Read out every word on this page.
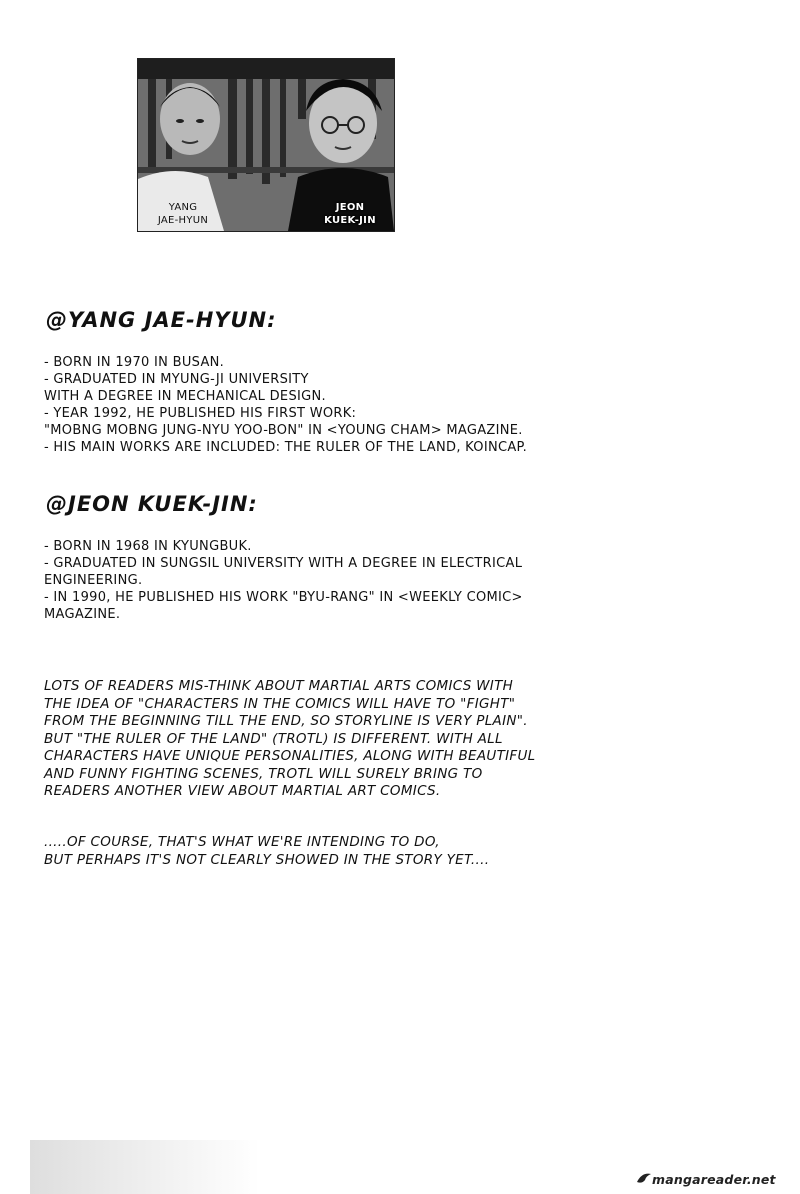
YANG
JAE-HYUN
JEON
KUEK-JIN
@YANG JAE-HYUN:
- BORN IN 1970 IN BUSAN.
- GRADUATED IN MYUNG-JI UNIVERSITY
WITH A DEGREE IN MECHANICAL DESIGN.
- YEAR 1992, HE PUBLISHED HIS FIRST WORK:
"MOBNG MOBNG JUNG-NYU YOO-BON" IN <YOUNG CHAM> MAGAZINE.
- HIS MAIN WORKS ARE INCLUDED: THE RULER OF THE LAND, KOINCAP.
@JEON KUEK-JIN:
- BORN IN 1968 IN KYUNGBUK.
- GRADUATED IN SUNGSIL UNIVERSITY WITH A DEGREE IN ELECTRICAL
ENGINEERING.
- IN 1990, HE PUBLISHED HIS WORK "BYU-RANG" IN <WEEKLY COMIC>
MAGAZINE.
LOTS OF READERS MIS-THINK ABOUT MARTIAL ARTS COMICS WITH
THE IDEA OF "CHARACTERS IN THE COMICS WILL HAVE TO "FIGHT"
FROM THE BEGINNING TILL THE END, SO STORYLINE IS VERY PLAIN".
BUT "THE RULER OF THE LAND" (TROTL) IS DIFFERENT. WITH ALL
CHARACTERS HAVE UNIQUE PERSONALITIES, ALONG WITH BEAUTIFUL
AND FUNNY FIGHTING SCENES, TROTL WILL SURELY BRING TO
READERS ANOTHER VIEW ABOUT MARTIAL ART COMICS.
.....OF COURSE, THAT'S WHAT WE'RE INTENDING TO DO,
BUT PERHAPS IT'S NOT CLEARLY SHOWED IN THE STORY YET....
mangareader.net
